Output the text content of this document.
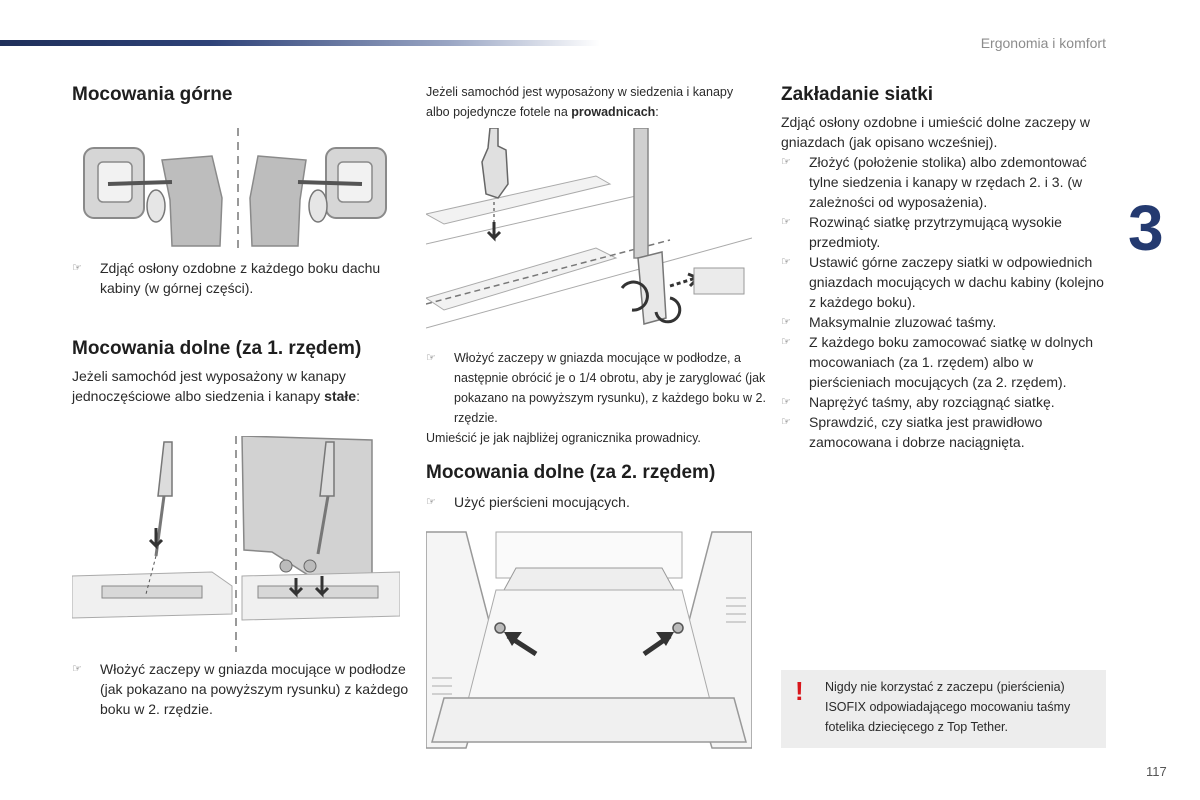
Ergonomia i komfort
3
117
Mocowania górne
☞ Zdjąć osłony ozdobne z każdego boku dachu kabiny (w górnej części).
Mocowania dolne (za 1. rzędem)
Jeżeli samochód jest wyposażony w kanapy jednoczęściowe albo siedzenia i kanapy stałe:
☞ Włożyć zaczepy w gniazda mocujące w podłodze (jak pokazano na powyższym rysunku) z każdego boku w 2. rzędzie.
Jeżeli samochód jest wyposażony w siedzenia i kanapy albo pojedyncze fotele na prowadnicach:
☞ Włożyć zaczepy w gniazda mocujące w podłodze, a następnie obrócić je o 1/4 obrotu, aby je zaryglować (jak pokazano na powyższym rysunku), z każdego boku w 2. rzędzie.
Umieścić je jak najbliżej ogranicznika prowadnicy.
Mocowania dolne (za 2. rzędem)
☞ Użyć pierścieni mocujących.
Zakładanie siatki
Zdjąć osłony ozdobne i umieścić dolne zaczepy w gniazdach (jak opisano wcześniej).
☞ Złożyć (położenie stolika) albo zdemontować tylne siedzenia i kanapy w rzędach 2. i 3. (w zależności od wyposażenia).
☞ Rozwinąć siatkę przytrzymującą wysokie przedmioty.
☞ Ustawić górne zaczepy siatki w odpowiednich gniazdach mocujących w dachu kabiny (kolejno z każdego boku).
☞ Maksymalnie zluzować taśmy.
☞ Z każdego boku zamocować siatkę w dolnych mocowaniach (za 1. rzędem) albo w pierścieniach mocujących (za 2. rzędem).
☞ Naprężyć taśmy, aby rozciągnąć siatkę.
☞ Sprawdzić, czy siatka jest prawidłowo zamocowana i dobrze naciągnięta.
! Nigdy nie korzystać z zaczepu (pierścienia) ISOFIX odpowiadającego mocowaniu taśmy fotelika dziecięcego z Top Tether.
